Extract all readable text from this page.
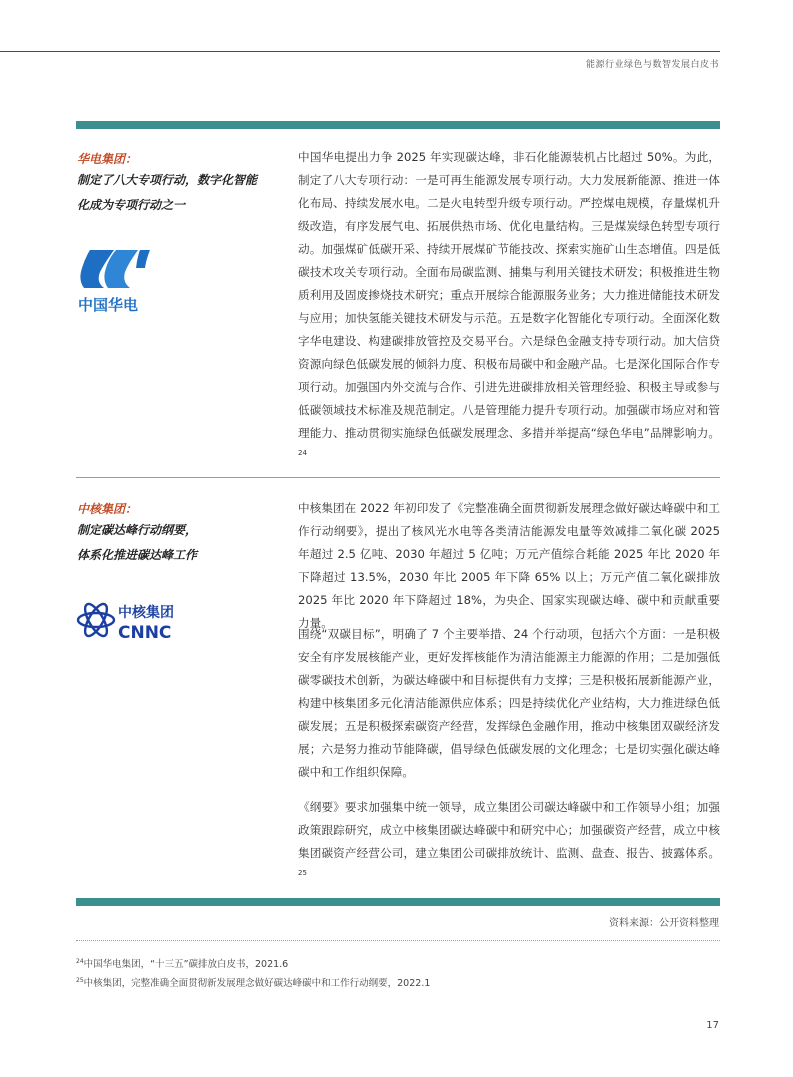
能源行业绿色与数智发展白皮书
华电集团：
制定了八大专项行动，数字化智能
化成为专项行动之一
中国华电

中国华电提出力争 2025 年实现碳达峰，非石化能源装机占比超过 50%。为此，制定了八大专项行动：一是可再生能源发展专项行动。大力发展新能源、推进一体化布局、持续发展水电。二是火电转型升级专项行动。严控煤电规模，存量煤机升级改造，有序发展气电、拓展供热市场、优化电量结构。三是煤炭绿色转型专项行动。加强煤矿低碳开采、持续开展煤矿节能技改、探索实施矿山生态增值。四是低碳技术攻关专项行动。全面布局碳监测、捕集与利用关键技术研发；积极推进生物质利用及固废掺烧技术研究；重点开展综合能源服务业务；大力推进储能技术研发与应用；加快氢能关键技术研发与示范。五是数字化智能化专项行动。全面深化数字华电建设、构建碳排放管控及交易平台。六是绿色金融支持专项行动。加大信贷资源向绿色低碳发展的倾斜力度、积极布局碳中和金融产品。七是深化国际合作专项行动。加强国内外交流与合作、引进先进碳排放相关管理经验、积极主导或参与低碳领域技术标准及规范制定。八是管理能力提升专项行动。加强碳市场应对和管理能力、推动贯彻实施绿色低碳发展理念、多措并举提高“绿色华电”品牌影响力。$^{24}$

中核集团：
制定碳达峰行动纲要，
体系化推进碳达峰工作
中核集团
CNNC

中核集团在 2022 年初印发了《完整准确全面贯彻新发展理念做好碳达峰碳中和工作行动纲要》，提出了核风光水电等各类清洁能源发电量等效减排二氧化碳 2025 年超过 2.5 亿吨、2030 年超过 5 亿吨；万元产值综合耗能 2025 年比 2020 年下降超过 13.5%，2030 年比 2005 年下降 65% 以上；万元产值二氧化碳排放 2025 年比 2020 年下降超过 18%，为央企、国家实现碳达峰、碳中和贡献重要力量。

围绕“双碳目标”，明确了 7 个主要举措、24 个行动项，包括六个方面：一是积极安全有序发展核能产业，更好发挥核能作为清洁能源主力能源的作用；二是加强低碳零碳技术创新，为碳达峰碳中和目标提供有力支撑；三是积极拓展新能源产业，构建中核集团多元化清洁能源供应体系；四是持续优化产业结构，大力推进绿色低碳发展；五是积极探索碳资产经营，发挥绿色金融作用，推动中核集团双碳经济发展；六是努力推动节能降碳，倡导绿色低碳发展的文化理念；七是切实强化碳达峰碳中和工作组织保障。

《纲要》要求加强集中统一领导，成立集团公司碳达峰碳中和工作领导小组；加强政策跟踪研究，成立中核集团碳达峰碳中和研究中心；加强碳资产经营，成立中核集团碳资产经营公司，建立集团公司碳排放统计、监测、盘查、报告、披露体系。$^{25}$

资料来源：公开资料整理
$^{24}$中国华电集团，“十三五”碳排放白皮书，2021.6
$^{25}$中核集团，完整准确全面贯彻新发展理念做好碳达峰碳中和工作行动纲要，2022.1
17
